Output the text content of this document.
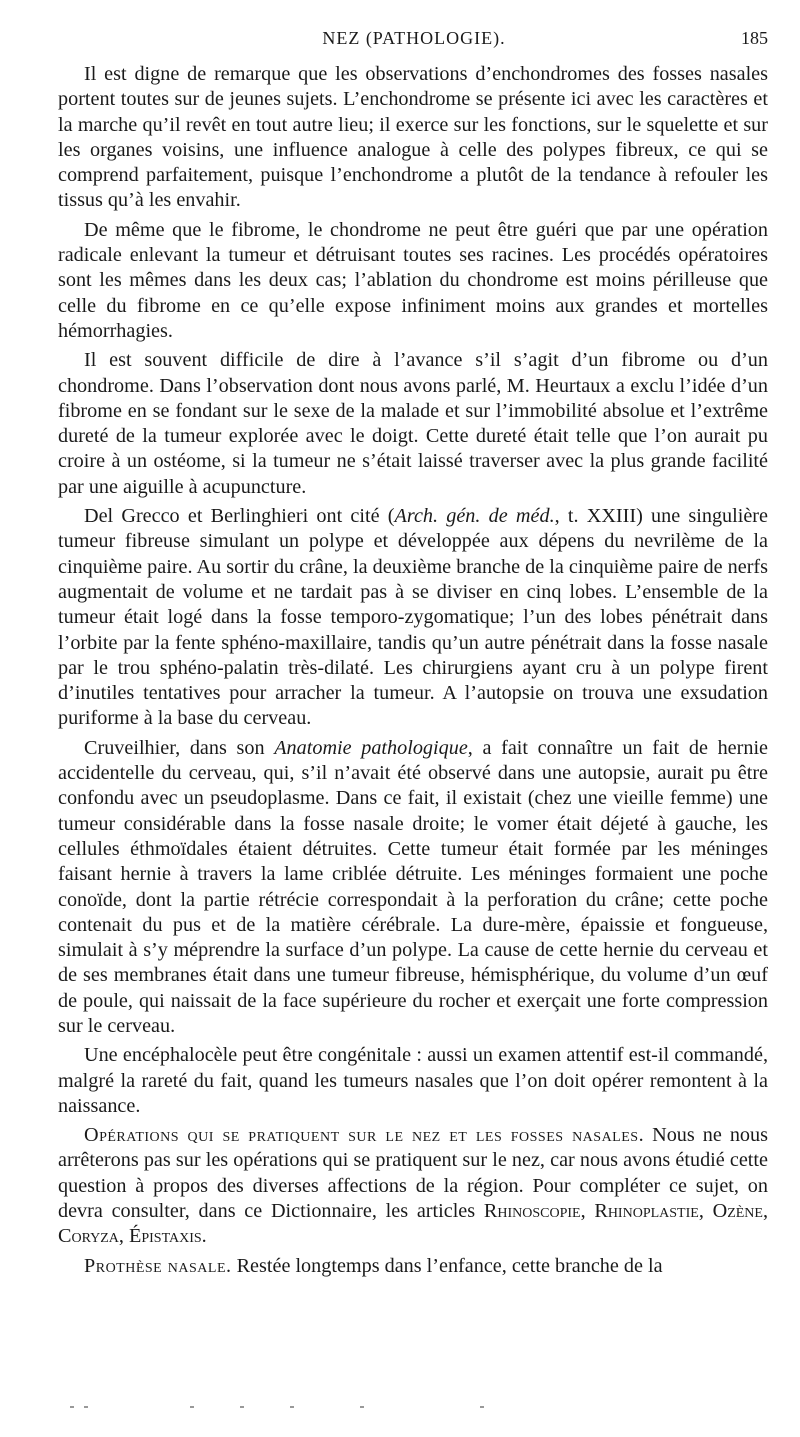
NEZ (PATHOLOGIE).	185

Il est digne de remarque que les observations d’enchondromes des fosses nasales portent toutes sur de jeunes sujets. L’enchondrome se présente ici avec les caractères et la marche qu’il revêt en tout autre lieu; il exerce sur les fonctions, sur le squelette et sur les organes voisins, une influence analogue à celle des polypes fibreux, ce qui se comprend parfaitement, puisque l’enchondrome a plutôt de la tendance à refouler les tissus qu’à les envahir.

De même que le fibrome, le chondrome ne peut être guéri que par une opération radicale enlevant la tumeur et détruisant toutes ses racines. Les procédés opératoires sont les mêmes dans les deux cas; l’ablation du chondrome est moins périlleuse que celle du fibrome en ce qu’elle expose infiniment moins aux grandes et mortelles hémorrhagies.

Il est souvent difficile de dire à l’avance s’il s’agit d’un fibrome ou d’un chondrome. Dans l’observation dont nous avons parlé, M. Heurtaux a exclu l’idée d’un fibrome en se fondant sur le sexe de la malade et sur l’immobilité absolue et l’extrême dureté de la tumeur explorée avec le doigt. Cette dureté était telle que l’on aurait pu croire à un ostéome, si la tumeur ne s’était laissé traverser avec la plus grande facilité par une aiguille à acupuncture.

Del Grecco et Berlinghieri ont cité (Arch. gén. de méd., t. XXIII) une singulière tumeur fibreuse simulant un polype et développée aux dépens du nevrilème de la cinquième paire. Au sortir du crâne, la deuxième branche de la cinquième paire de nerfs augmentait de volume et ne tardait pas à se diviser en cinq lobes. L’ensemble de la tumeur était logé dans la fosse temporo-zygomatique; l’un des lobes pénétrait dans l’orbite par la fente sphéno-maxillaire, tandis qu’un autre pénétrait dans la fosse nasale par le trou sphéno-palatin très-dilaté. Les chirurgiens ayant cru à un polype firent d’inutiles tentatives pour arracher la tumeur. A l’autopsie on trouva une exsudation puriforme à la base du cerveau.

Cruveilhier, dans son Anatomie pathologique, a fait connaître un fait de hernie accidentelle du cerveau, qui, s’il n’avait été observé dans une autopsie, aurait pu être confondu avec un pseudoplasme. Dans ce fait, il existait (chez une vieille femme) une tumeur considérable dans la fosse nasale droite; le vomer était déjeté à gauche, les cellules éthmoïdales étaient détruites. Cette tumeur était formée par les méninges faisant hernie à travers la lame criblée détruite. Les méninges formaient une poche conoïde, dont la partie rétrécie correspondait à la perforation du crâne; cette poche contenait du pus et de la matière cérébrale. La dure-mère, épaissie et fongueuse, simulait à s’y méprendre la surface d’un polype. La cause de cette hernie du cerveau et de ses membranes était dans une tumeur fibreuse, hémisphérique, du volume d’un œuf de poule, qui naissait de la face supérieure du rocher et exerçait une forte compression sur le cerveau.

Une encéphalocèle peut être congénitale : aussi un examen attentif est-il commandé, malgré la rareté du fait, quand les tumeurs nasales que l’on doit opérer remontent à la naissance.

Opérations qui se pratiquent sur le nez et les fosses nasales. Nous ne nous arrêterons pas sur les opérations qui se pratiquent sur le nez, car nous avons étudié cette question à propos des diverses affections de la région. Pour compléter ce sujet, on devra consulter, dans ce Dictionnaire, les articles Rhinoscopie, Rhinoplastie, Ozène, Coryza, Épistaxis.

Prothèse nasale. Restée longtemps dans l’enfance, cette branche de la
